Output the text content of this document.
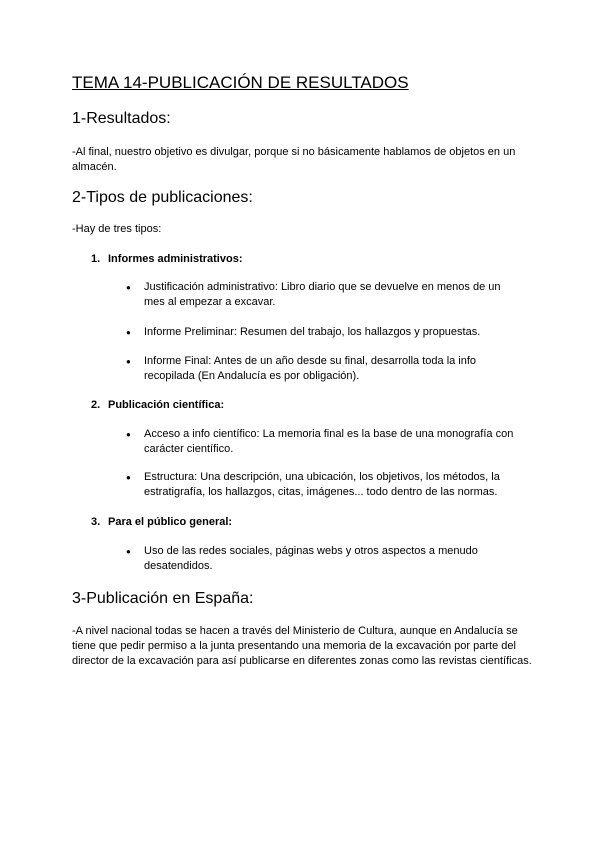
TEMA 14-PUBLICACIÓN DE RESULTADOS
1-Resultados:

-Al final, nuestro objetivo es divulgar, porque si no básicamente hablamos de objetos en un almacén.

2-Tipos de publicaciones:

-Hay de tres tipos:

1. Informes administrativos:
● Justificación administrativo: Libro diario que se devuelve en menos de un mes al empezar a excavar.
● Informe Preliminar: Resumen del trabajo, los hallazgos y propuestas.
● Informe Final: Antes de un año desde su final, desarrolla toda la info recopilada (En Andalucía es por obligación).
2. Publicación científica:
● Acceso a info científico: La memoria final es la base de una monografía con carácter científico.
● Estructura: Una descripción, una ubicación, los objetivos, los métodos, la estratigrafía, los hallazgos, citas, imágenes... todo dentro de las normas.
3. Para el público general:
● Uso de las redes sociales, páginas webs y otros aspectos a menudo desatendidos.
3-Publicación en España:

-A nivel nacional todas se hacen a través del Ministerio de Cultura, aunque en Andalucía se tiene que pedir permiso a la junta presentando una memoria de la excavación por parte del director de la excavación para así publicarse en diferentes zonas como las revistas científicas.
